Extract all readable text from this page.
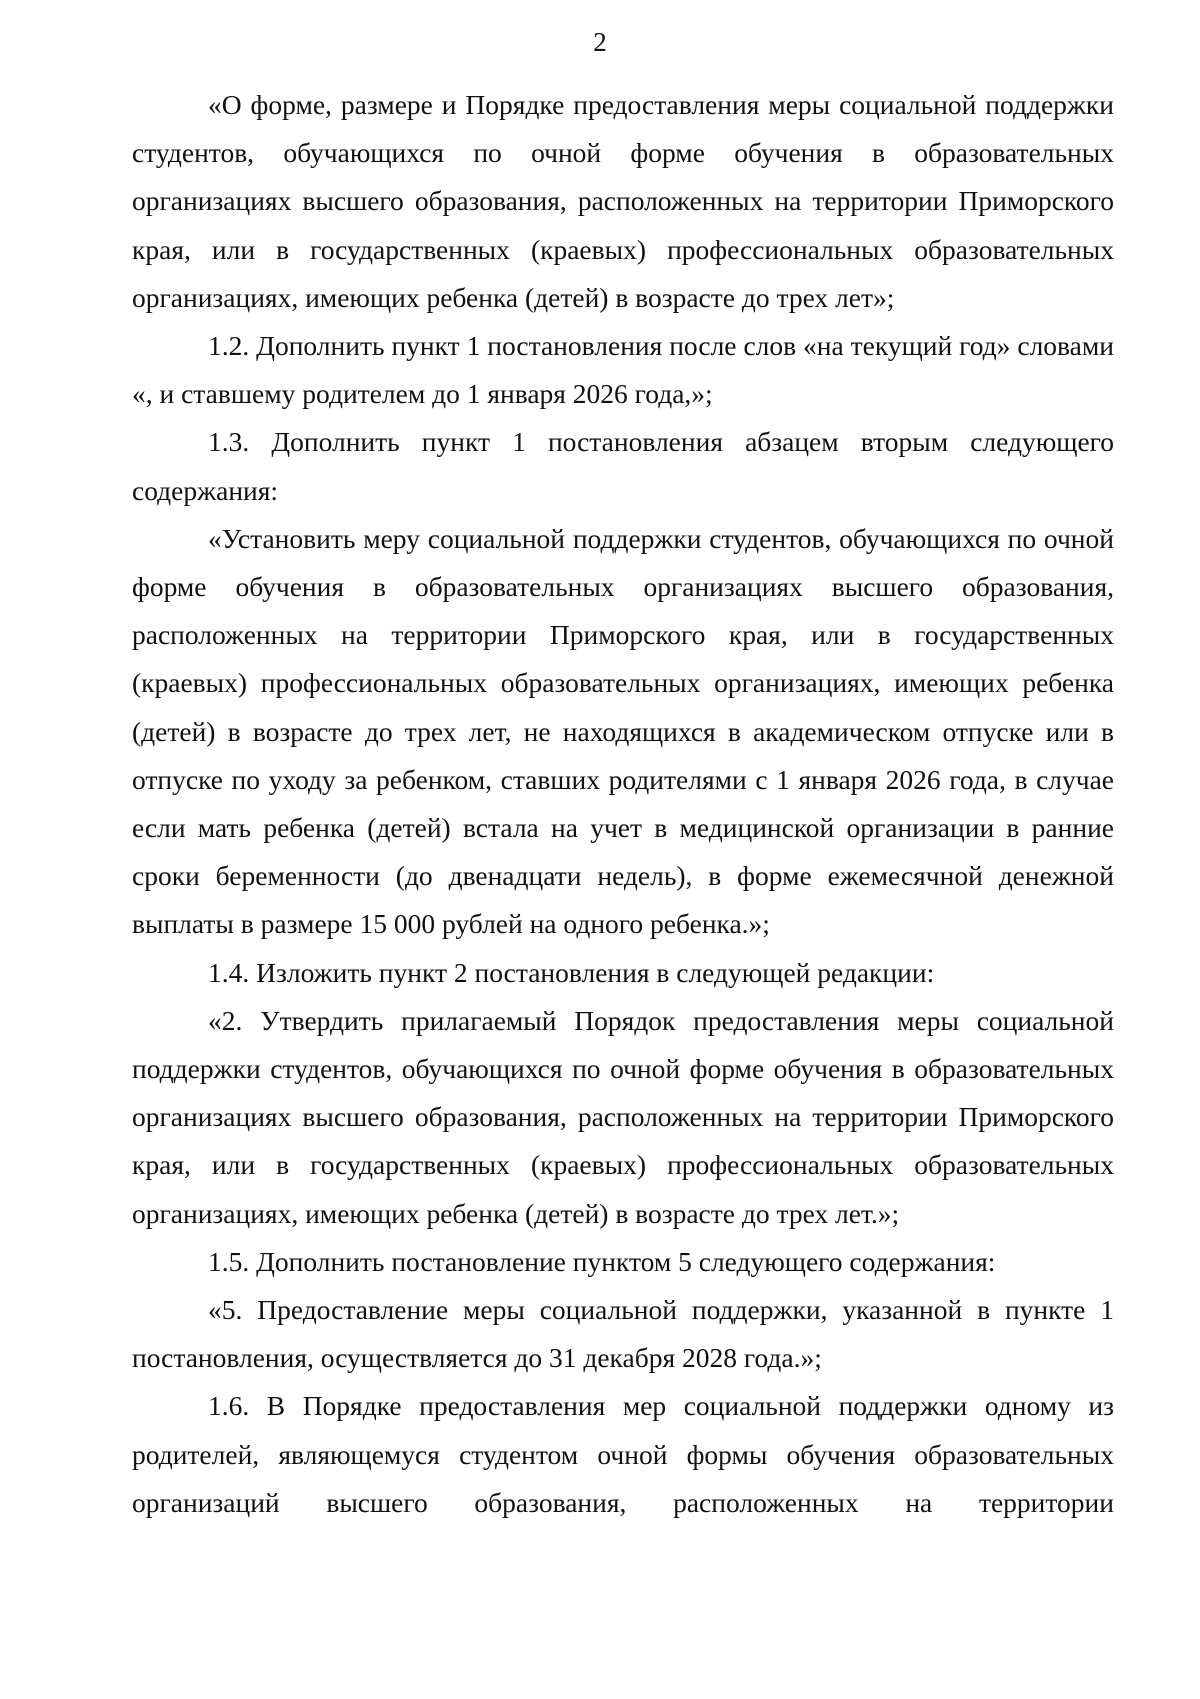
2

«О форме, размере и Порядке предоставления меры социальной поддержки студентов, обучающихся по очной форме обучения в образовательных организациях высшего образования, расположенных на территории Приморского края, или в государственных (краевых) профессиональных образовательных организациях, имеющих ребенка (детей) в возрасте до трех лет»;

1.2. Дополнить пункт 1 постановления после слов «на текущий год» словами «, и ставшему родителем до 1 января 2026 года,»;

1.3. Дополнить пункт 1 постановления абзацем вторым следующего содержания:

«Установить меру социальной поддержки студентов, обучающихся по очной форме обучения в образовательных организациях высшего образования, расположенных на территории Приморского края, или в государственных (краевых) профессиональных образовательных организациях, имеющих ребенка (детей) в возрасте до трех лет, не находящихся в академическом отпуске или в отпуске по уходу за ребенком, ставших родителями с 1 января 2026 года, в случае если мать ребенка (детей) встала на учет в медицинской организации в ранние сроки беременности (до двенадцати недель), в форме ежемесячной денежной выплаты в размере 15 000 рублей на одного ребенка.»;

1.4. Изложить пункт 2 постановления в следующей редакции:

«2. Утвердить прилагаемый Порядок предоставления меры социальной поддержки студентов, обучающихся по очной форме обучения в образовательных организациях высшего образования, расположенных на территории Приморского края, или в государственных (краевых) профессиональных образовательных организациях, имеющих ребенка (детей) в возрасте до трех лет.»;

1.5. Дополнить постановление пунктом 5 следующего содержания:

«5. Предоставление меры социальной поддержки, указанной в пункте 1 постановления, осуществляется до 31 декабря 2028 года.»;

1.6. В Порядке предоставления мер социальной поддержки одному из родителей, являющемуся студентом очной формы обучения образовательных организаций высшего образования, расположенных на территории
